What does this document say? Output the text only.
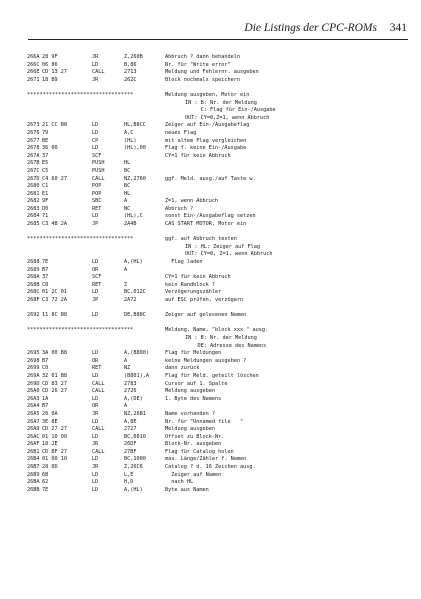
Die Listings der CPC-ROMs 341
266A 28 9F	JR	Z,260B	Abbruch ? dann behandeln
266C 06 86	LD	B,86	Nr. für "Write error"
266E CD 13 27	CALL	2713	Meldung und Fehlernr. ausgeben
2671 18 B9	JR	262C	Block nochmals speichern
**********************************	Meldung ausgeben, Motor ein
IN : B: Nr. der Meldung
C: Flag für Ein-/Ausgabe
OUT: CY=0,Z=1, wenn Abbruch
2673 21 CC B8	LD	HL,B8CC	Zeiger auf Ein-/Ausgabeflag
2676 79	LD	A,C	neues Flag
2677 BE	CP	(HL)	mit altem Flag vergleichen
2678 36 00	LD	(HL),00	Flag f. keine Ein-/Ausgabe
267A 37	SCF	CY=1 für kein Abbruch
267B E5	PUSH	HL
267C C5	PUSH	BC
267D C4 60 27	CALL	NZ,2760	ggf. Meld. ausg./auf Taste w.
2680 C1	POP	BC
2681 E1	POP	HL
2682 9F	SBC	A	Z=1, wenn Abbruch
2683 D0	RET	NC	Abbruch ?
2684 71	LD	(HL),C	sonst Ein-/Ausgabeflag setzen
2685 C3 4B 2A	JP	2A4B	CAS START MOTOR, Motor ein
**********************************	ggf. auf Abbruch testen
IN : HL: Zeiger auf Flag
OUT: CY=0, Z=1, wenn Abbruch
2688 7E	LD	A,(HL)	Flag laden
2689 B7	OR	A
268A 37	SCF	CY=1 für kein Abbruch
268B C8	RET	Z	kein Randblock ?
268C 01 2C 01	LD	BC,012C	Verzögerungszähler
268F C3 72 2A	JP	2A72	auf ESC prüfen, verzögern
2692 11 8C B8	LD	DE,B88C	Zeiger auf gelesenen Namen
**********************************	Meldung, Name, "block xxx " ausg.
IN : B: Nr. der Meldung
DE: Adresse des Namens
2695 3A 00 B8	LD	A,(B800)	Flag für Meldungen
2698 B7	OR	A	keine Meldungen ausgeben ?
2699 C0	RET	NZ	dann zurück
269A 32 01 B8	LD	(B801),A	Flag für Meld. geteilt löschen
269D CD 83 27	CALL	2783	Cursor auf 1. Spalte
26A0 CD 26 27	CALL	2726	Meldung ausgeben
26A3 1A	LD	A,(DE)	1. Byte des Namens
26A4 B7	OR	A
26A5 20 0A	JR	NZ,26B1	Name vorhanden ?
26A7 3E 8E	LD	A,8E	Nr. für "Unnamed file   "
26A9 CD 27 27	CALL	2727	Meldung ausgeben
26AC 01 10 00	LD	BC,0010	Offset zu Block-Nr.
26AF 18 2E	JR	26DF	Block-Nr. ausgeben
26B1 CD BF 27	CALL	27BF	Flag für Catalog holen
26B4 01 00 10	LD	BC,1000	max. Länge/Zähler f. Namen
26B7 28 0D	JR	Z,26C6	Catalog ? d. 16 Zeichen ausg.
26B9 6B	LD	L,E	Zeiger auf Namen
26BA 62	LD	H,D	nach HL
26BB 7E	LD	A,(HL)	Byte aus Namen
